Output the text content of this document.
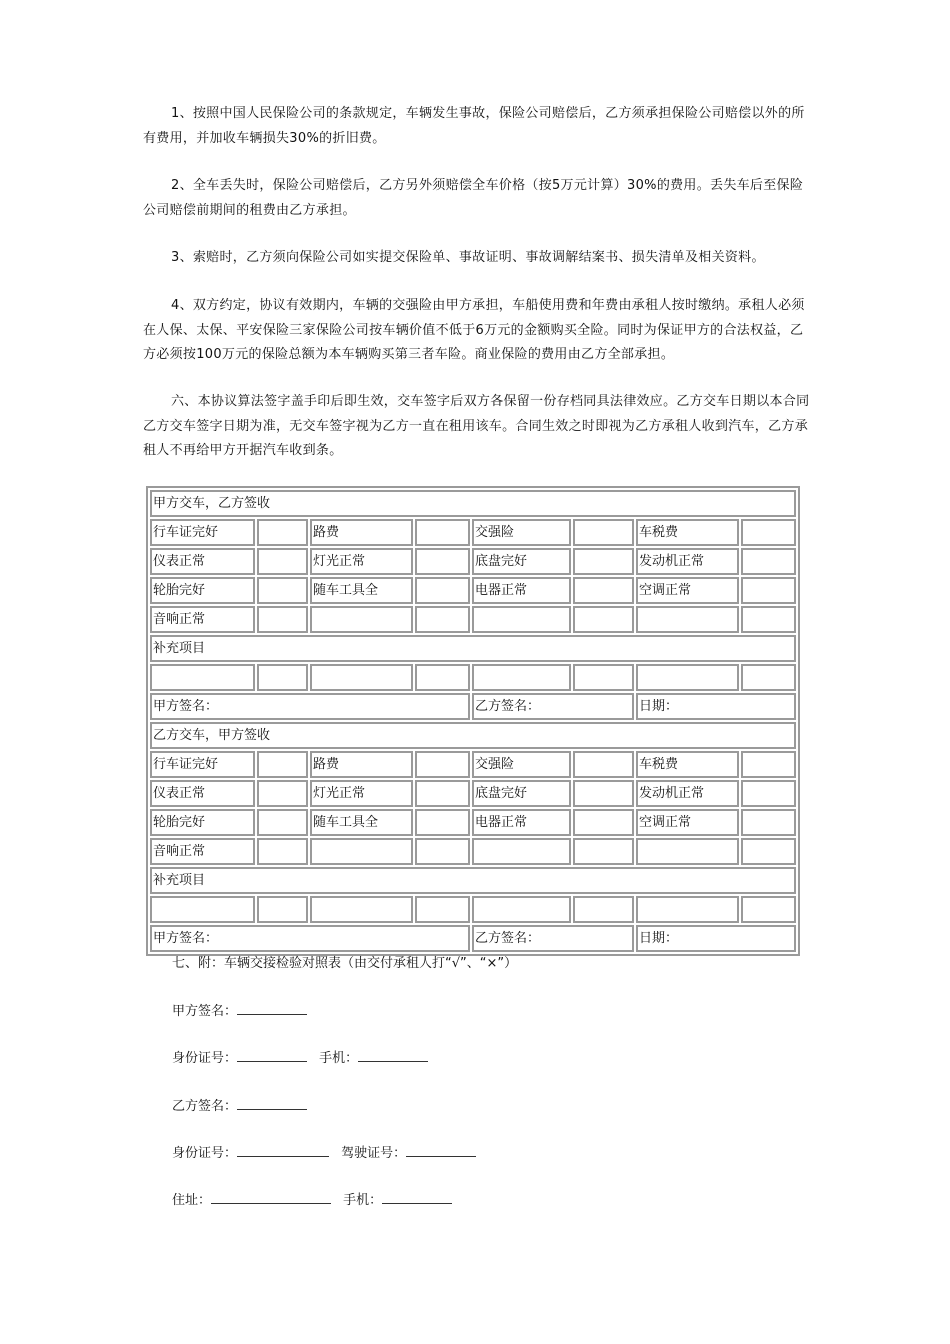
1、按照中国人民保险公司的条款规定，车辆发生事故，保险公司赔偿后，乙方须承担保险公司赔偿以外的所有费用，并加收车辆损失30%的折旧费。

2、全车丢失时，保险公司赔偿后，乙方另外须赔偿全车价格（按5万元计算）30%的费用。丢失车后至保险公司赔偿前期间的租费由乙方承担。

3、索赔时，乙方须向保险公司如实提交保险单、事故证明、事故调解结案书、损失清单及相关资料。

4、双方约定，协议有效期内，车辆的交强险由甲方承担，车船使用费和年费由承租人按时缴纳。承租人必须在人保、太保、平安保险三家保险公司按车辆价值不低于6万元的金额购买全险。同时为保证甲方的合法权益，乙方必须按100万元的保险总额为本车辆购买第三者车险。商业保险的费用由乙方全部承担。

六、本协议算法签字盖手印后即生效，交车签字后双方各保留一份存档同具法律效应。乙方交车日期以本合同乙方交车签字日期为准，无交车签字视为乙方一直在租用该车。合同生效之时即视为乙方承租人收到汽车，乙方承租人不再给甲方开据汽车收到条。

甲方交车，乙方签收							
行车证完好		路费		交强险		车税费	
仪表正常		灯光正常		底盘完好		发动机正常	
轮胎完好		随车工具全		电器正常		空调正常	
音响正常							
补充项目							

甲方签名：				乙方签名：		日期：	
乙方交车，甲方签收							
行车证完好		路费		交强险		车税费	
仪表正常		灯光正常		底盘完好		发动机正常	
轮胎完好		随车工具全		电器正常		空调正常	
音响正常							
补充项目							

甲方签名：				乙方签名：		日期：	
七、附：车辆交接检验对照表（由交付承租人打“√”、“×”）
甲方签名：
身份证号：	手机：
乙方签名：
身份证号：	驾驶证号：
住址：	手机：
